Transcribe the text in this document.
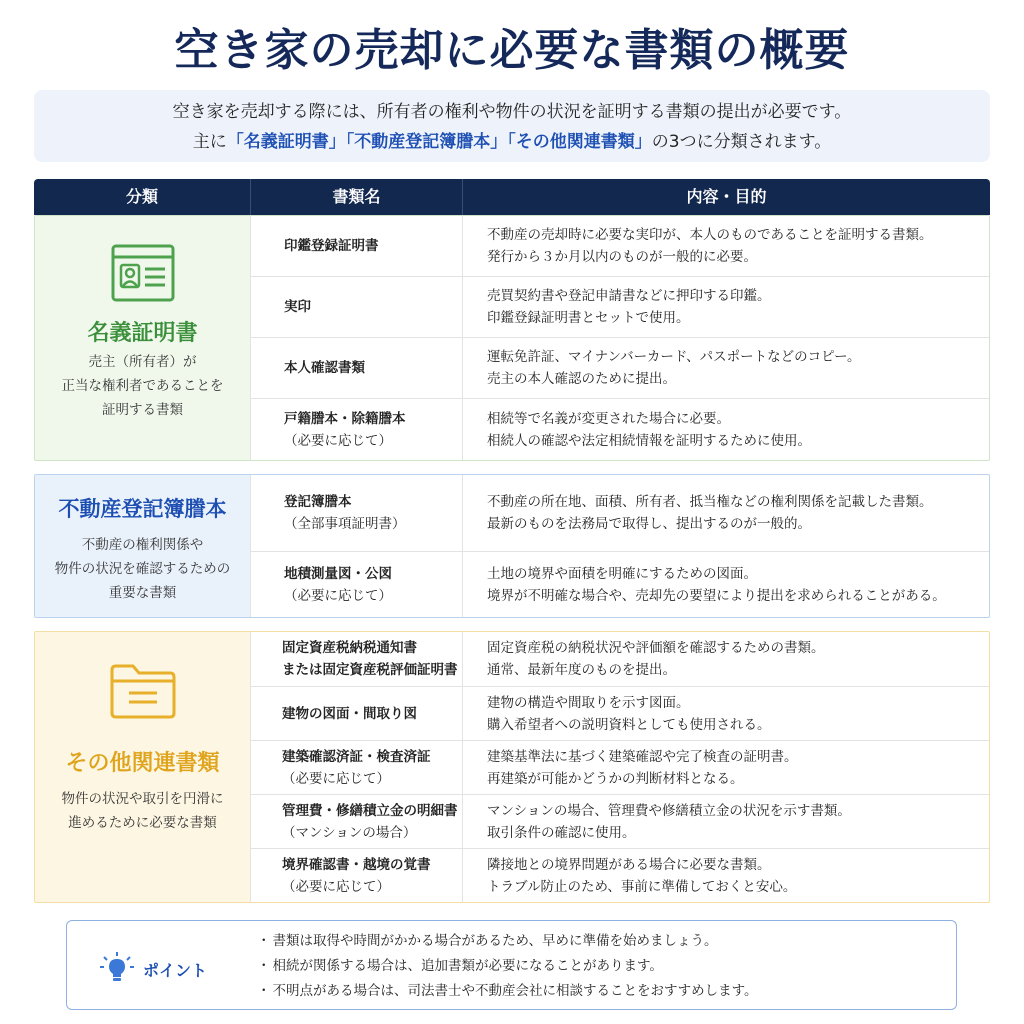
空き家の売却に必要な書類の概要
空き家を売却する際には、所有者の権利や物件の状況を証明する書類の提出が必要です。
主に「名義証明書」「不動産登記簿謄本」「その他関連書類」の3つに分類されます。
分類	書類名	内容・目的
名義証明書
売主（所有者）が
正当な権利者であることを
証明する書類
印鑑登録証明書
不動産の売却時に必要な実印が、本人のものであることを証明する書類。
発行から３か月以内のものが一般的に必要。
実印
売買契約書や登記申請書などに押印する印鑑。
印鑑登録証明書とセットで使用。
本人確認書類
運転免許証、マイナンバーカード、パスポートなどのコピー。
売主の本人確認のために提出。
戸籍謄本・除籍謄本
（必要に応じて）
相続等で名義が変更された場合に必要。
相続人の確認や法定相続情報を証明するために使用。
不動産登記簿謄本
不動産の権利関係や
物件の状況を確認するための
重要な書類
登記簿謄本
（全部事項証明書）
不動産の所在地、面積、所有者、抵当権などの権利関係を記載した書類。
最新のものを法務局で取得し、提出するのが一般的。
地積測量図・公図
（必要に応じて）
土地の境界や面積を明確にするための図面。
境界が不明確な場合や、売却先の要望により提出を求められることがある。
その他関連書類
物件の状況や取引を円滑に
進めるために必要な書類
固定資産税納税通知書
または固定資産税評価証明書
固定資産税の納税状況や評価額を確認するための書類。
通常、最新年度のものを提出。
建物の図面・間取り図
建物の構造や間取りを示す図面。
購入希望者への説明資料としても使用される。
建築確認済証・検査済証
（必要に応じて）
建築基準法に基づく建築確認や完了検査の証明書。
再建築が可能かどうかの判断材料となる。
管理費・修繕積立金の明細書
（マンションの場合）
マンションの場合、管理費や修繕積立金の状況を示す書類。
取引条件の確認に使用。
境界確認書・越境の覚書
（必要に応じて）
隣接地との境界問題がある場合に必要な書類。
トラブル防止のため、事前に準備しておくと安心。
ポイント
・ 書類は取得や時間がかかる場合があるため、早めに準備を始めましょう。
・ 相続が関係する場合は、追加書類が必要になることがあります。
・ 不明点がある場合は、司法書士や不動産会社に相談することをおすすめします。
